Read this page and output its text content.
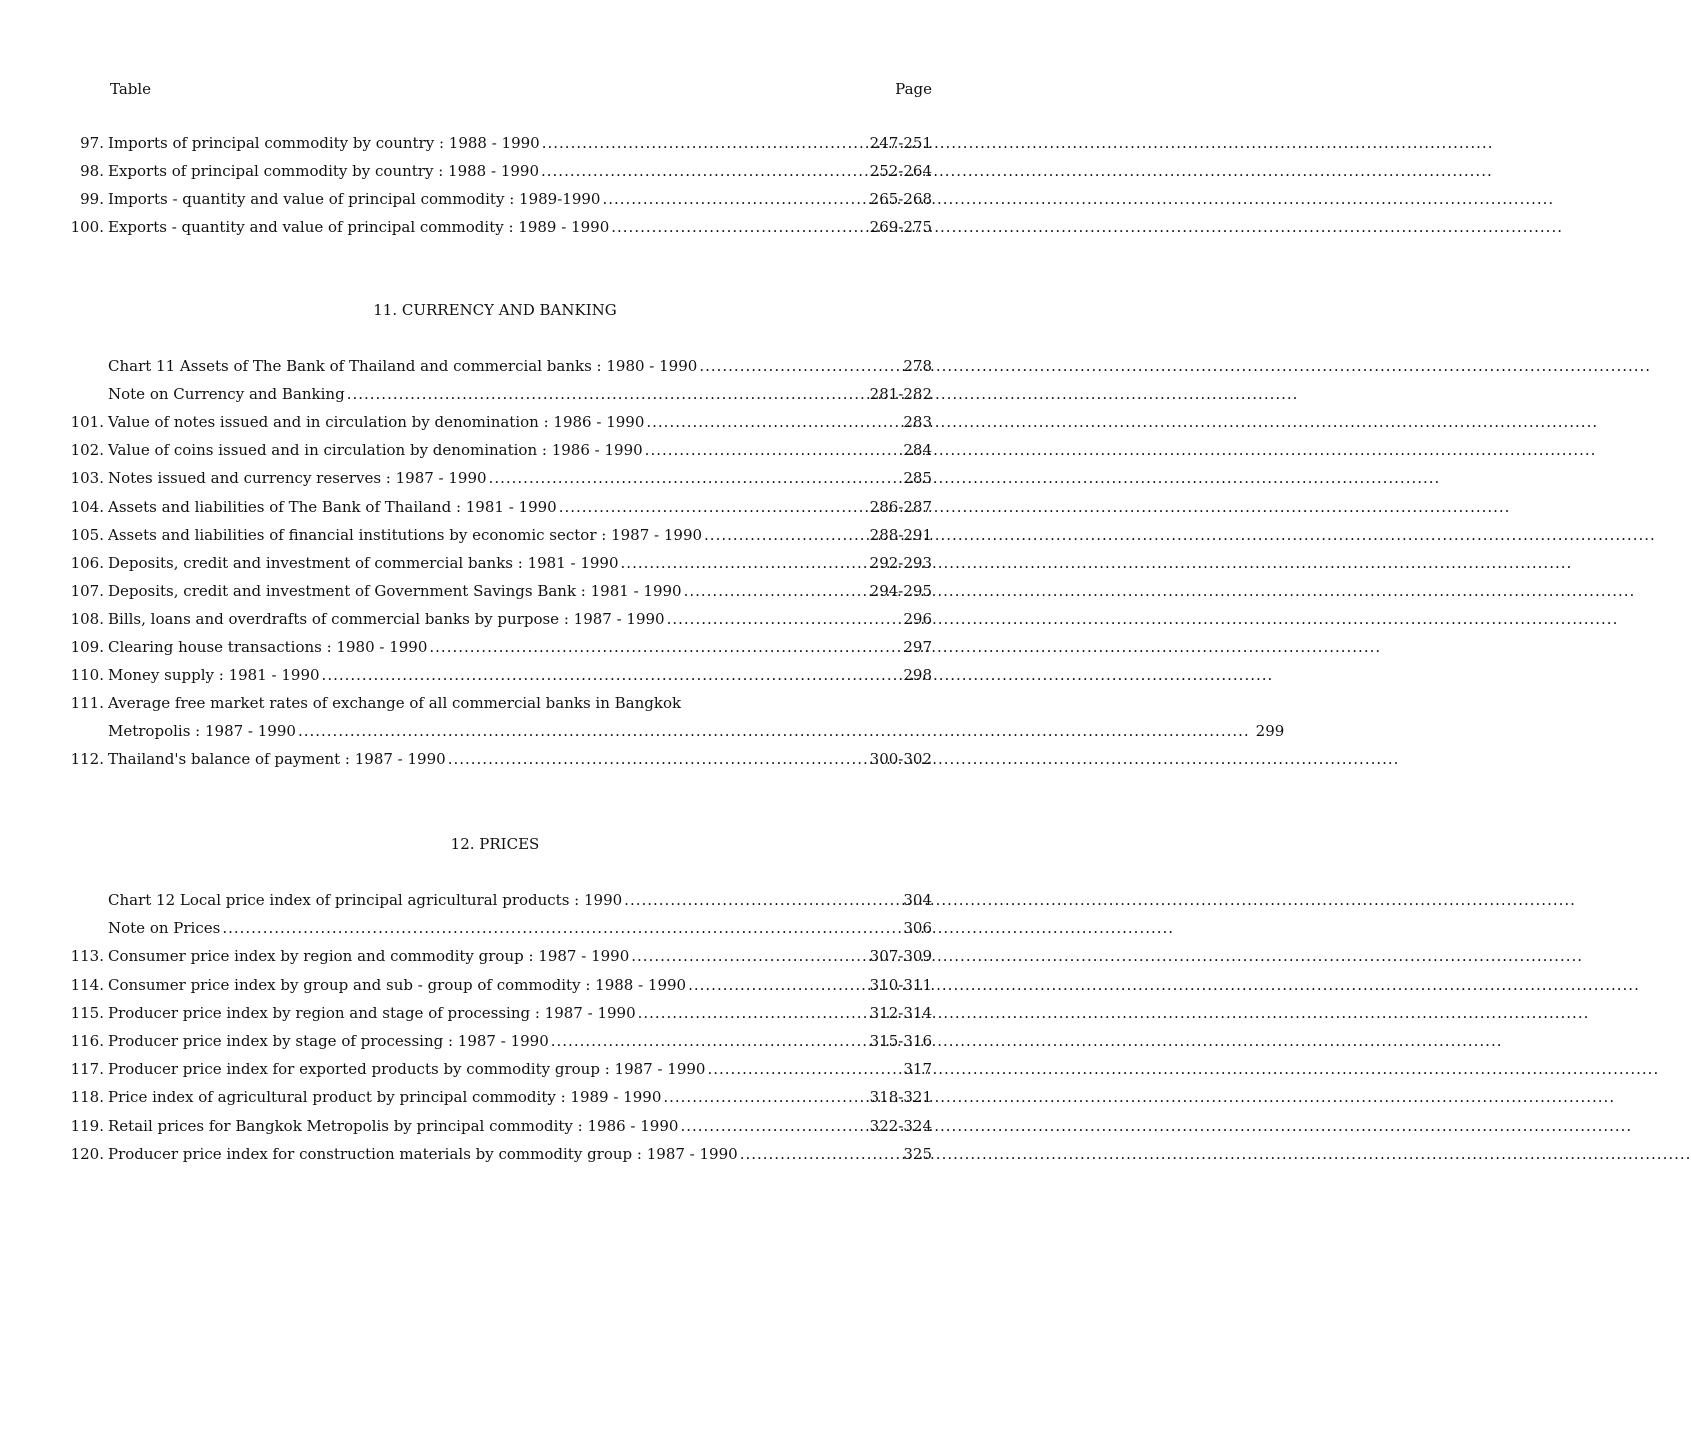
Table	Page
97. Imports of principal commodity by country : 1988 - 1990 .....	247-251
98. Exports of principal commodity by country : 1988 - 1990 .....	252-264
99. Imports - quantity and value of principal commodity : 1989-1990 .....	265-268
100. Exports - quantity and value of principal commodity : 1989 - 1990 .....	269-275
11. CURRENCY AND BANKING
Chart 11 Assets of The Bank of Thailand and commercial banks : 1980 - 1990 .....	278
Note on Currency and Banking .....	281-282
101. Value of notes issued and in circulation by denomination : 1986 - 1990 .....	283
102. Value of coins issued and in circulation by denomination : 1986 - 1990 .....	284
103. Notes issued and currency reserves : 1987 - 1990 .....	285
104. Assets and liabilities of The Bank of Thailand : 1981 - 1990 .....	286-287
105. Assets and liabilities of financial institutions by economic sector : 1987 - 1990 .....	288-291
106. Deposits, credit and investment of commercial banks : 1981 - 1990 .....	292-293
107. Deposits, credit and investment of Government Savings Bank : 1981 - 1990 .....	294-295
108. Bills, loans and overdrafts of commercial banks by purpose : 1987 - 1990 .....	296
109. Clearing house transactions : 1980 - 1990 .....	297
110. Money supply : 1981 - 1990 .....	298
111. Average free market rates of exchange of all commercial banks in Bangkok
Metropolis : 1987 - 1990 .....	299
112. Thailand's balance of payment : 1987 - 1990 .....	300-302
12. PRICES
Chart 12 Local price index of principal agricultural products : 1990 .....	304
Note on Prices .....	306
113. Consumer price index by region and commodity group : 1987 - 1990 .....	307-309
114. Consumer price index by group and sub - group of commodity : 1988 - 1990 .....	310-311
115. Producer price index by region and stage of processing : 1987 - 1990 .....	312-314
116. Producer price index by stage of processing : 1987 - 1990 .....	315-316
117. Producer price index for exported products by commodity group : 1987 - 1990 .....	317
118. Price index of agricultural product by principal commodity : 1989 - 1990 .....	318-321
119. Retail prices for Bangkok Metropolis by principal commodity : 1986 - 1990 .....	322-324
120. Producer price index for construction materials by commodity group : 1987 - 1990 .....	325
